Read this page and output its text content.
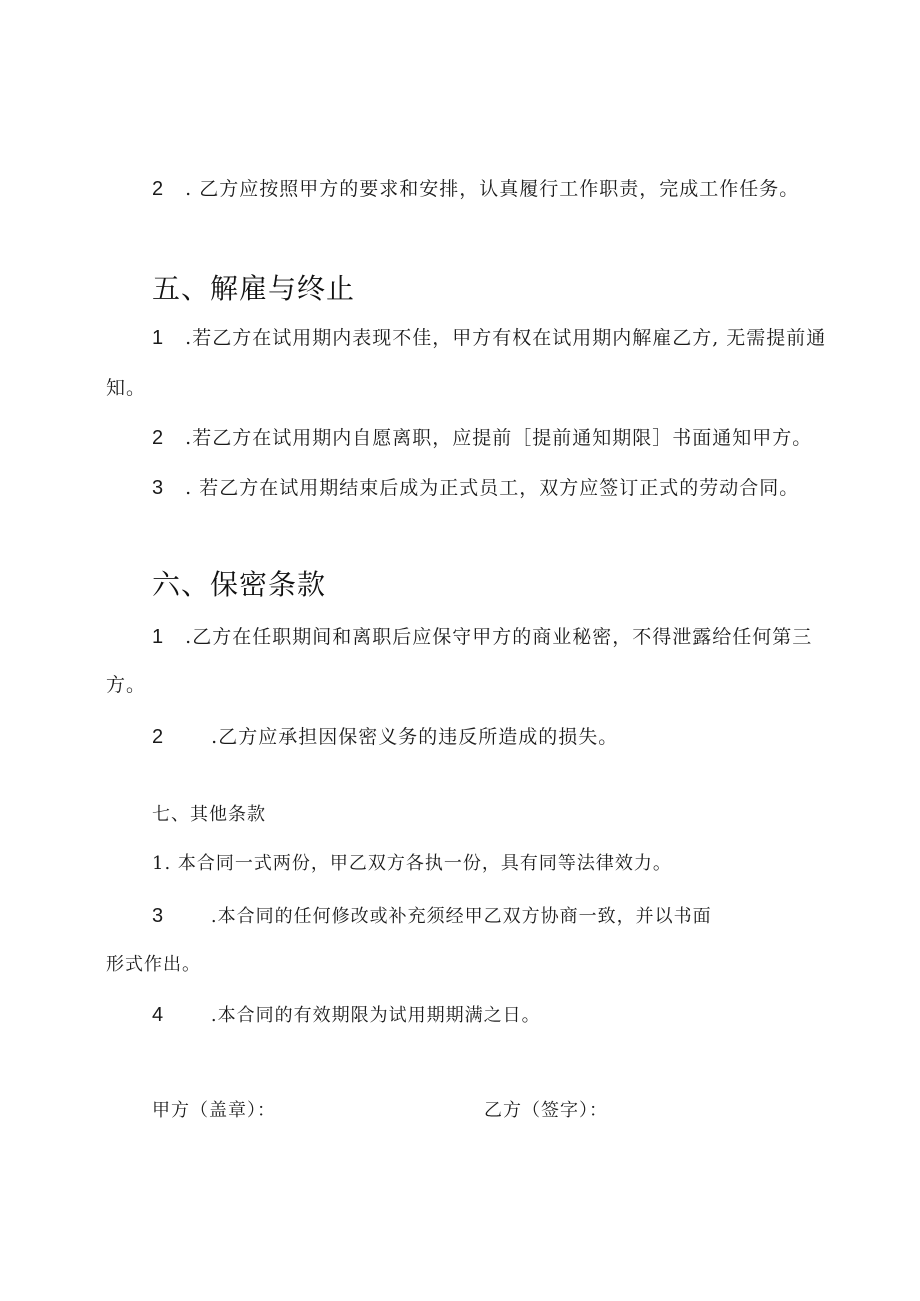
2 . 乙方应按照甲方的要求和安排，认真履行工作职责，完成工作任务。
五、解雇与终止
1 .若乙方在试用期内表现不佳，甲方有权在试用期内解雇乙方, 无需提前通
知。
2 .若乙方在试用期内自愿离职，应提前［提前通知期限］书面通知甲方。
3 . 若乙方在试用期结束后成为正式员工，双方应签订正式的劳动合同。
六、保密条款
1 .乙方在任职期间和离职后应保守甲方的商业秘密，不得泄露给任何第三
方。
2 .乙方应承担因保密义务的违反所造成的损失。
七、其他条款
1. 本合同一式两份，甲乙双方各执一份，具有同等法律效力。
3	.本合同的任何修改或补充须经甲乙双方协商一致，并以书面
形式作出。
4	.本合同的有效期限为试用期期满之日。
甲方（盖章）：	乙方（签字）：
